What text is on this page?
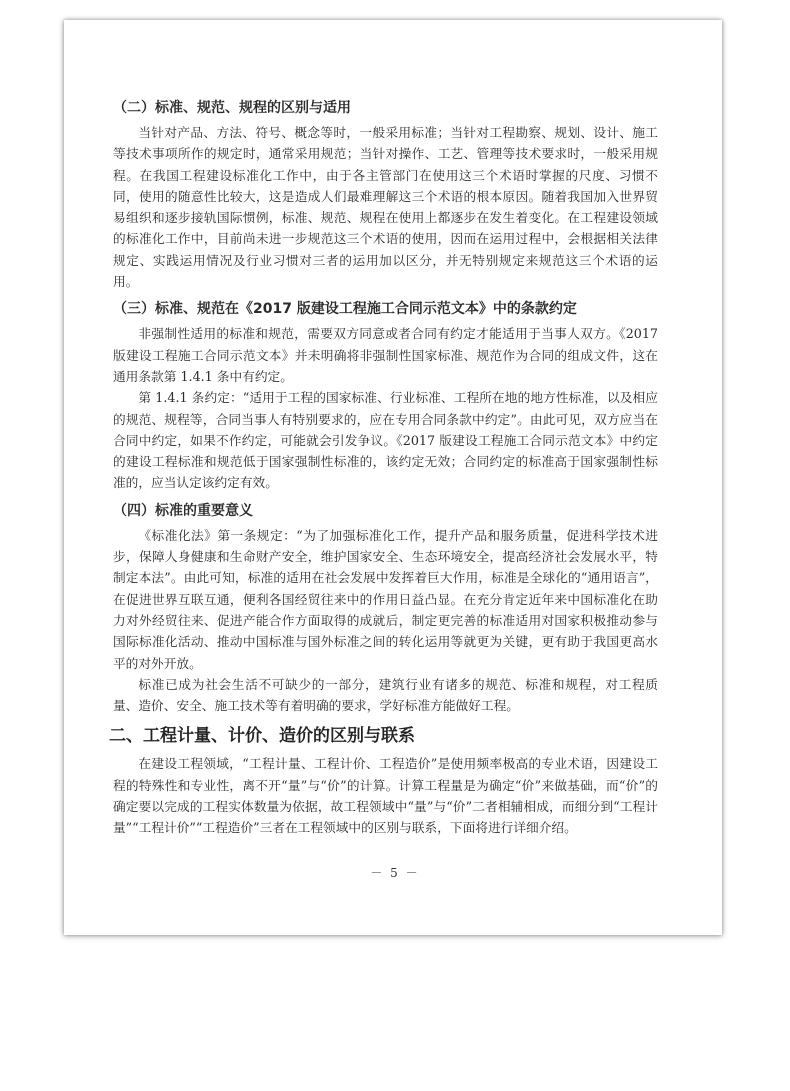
（二）标准、规范、规程的区别与适用

当针对产品、方法、符号、概念等时，一般采用标准；当针对工程勘察、规划、设计、施工等技术事项所作的规定时，通常采用规范；当针对操作、工艺、管理等技术要求时，一般采用规程。在我国工程建设标准化工作中，由于各主管部门在使用这三个术语时掌握的尺度、习惯不同，使用的随意性比较大，这是造成人们最难理解这三个术语的根本原因。随着我国加入世界贸易组织和逐步接轨国际惯例，标准、规范、规程在使用上都逐步在发生着变化。在工程建设领域的标准化工作中，目前尚未进一步规范这三个术语的使用，因而在运用过程中，会根据相关法律规定、实践运用情况及行业习惯对三者的运用加以区分，并无特别规定来规范这三个术语的运用。

（三）标准、规范在《2017 版建设工程施工合同示范文本》中的条款约定

非强制性适用的标准和规范，需要双方同意或者合同有约定才能适用于当事人双方。《2017 版建设工程施工合同示范文本》并未明确将非强制性国家标准、规范作为合同的组成文件，这在通用条款第 1.4.1 条中有约定。

第 1.4.1 条约定：“适用于工程的国家标准、行业标准、工程所在地的地方性标准，以及相应的规范、规程等，合同当事人有特别要求的，应在专用合同条款中约定”。由此可见，双方应当在合同中约定，如果不作约定，可能就会引发争议。《2017 版建设工程施工合同示范文本》中约定的建设工程标准和规范低于国家强制性标准的，该约定无效；合同约定的标准高于国家强制性标准的，应当认定该约定有效。

（四）标准的重要意义

《标准化法》第一条规定：“为了加强标准化工作，提升产品和服务质量，促进科学技术进步，保障人身健康和生命财产安全，维护国家安全、生态环境安全，提高经济社会发展水平，特制定本法”。由此可知，标准的适用在社会发展中发挥着巨大作用，标准是全球化的“通用语言”，在促进世界互联互通，便利各国经贸往来中的作用日益凸显。在充分肯定近年来中国标准化在助力对外经贸往来、促进产能合作方面取得的成就后，制定更完善的标准适用对国家积极推动参与国际标准化活动、推动中国标准与国外标准之间的转化运用等就更为关键，更有助于我国更高水平的对外开放。

标准已成为社会生活不可缺少的一部分，建筑行业有诸多的规范、标准和规程，对工程质量、造价、安全、施工技术等有着明确的要求，学好标准方能做好工程。

二、工程计量、计价、造价的区别与联系

在建设工程领域，“工程计量、工程计价、工程造价”是使用频率极高的专业术语，因建设工程的特殊性和专业性，离不开“量”与“价”的计算。计算工程量是为确定“价”来做基础，而“价”的确定要以完成的工程实体数量为依据，故工程领域中“量”与“价”二者相辅相成，而细分到“工程计量”“工程计价”“工程造价”三者在工程领域中的区别与联系，下面将进行详细介绍。

－ 5 －
